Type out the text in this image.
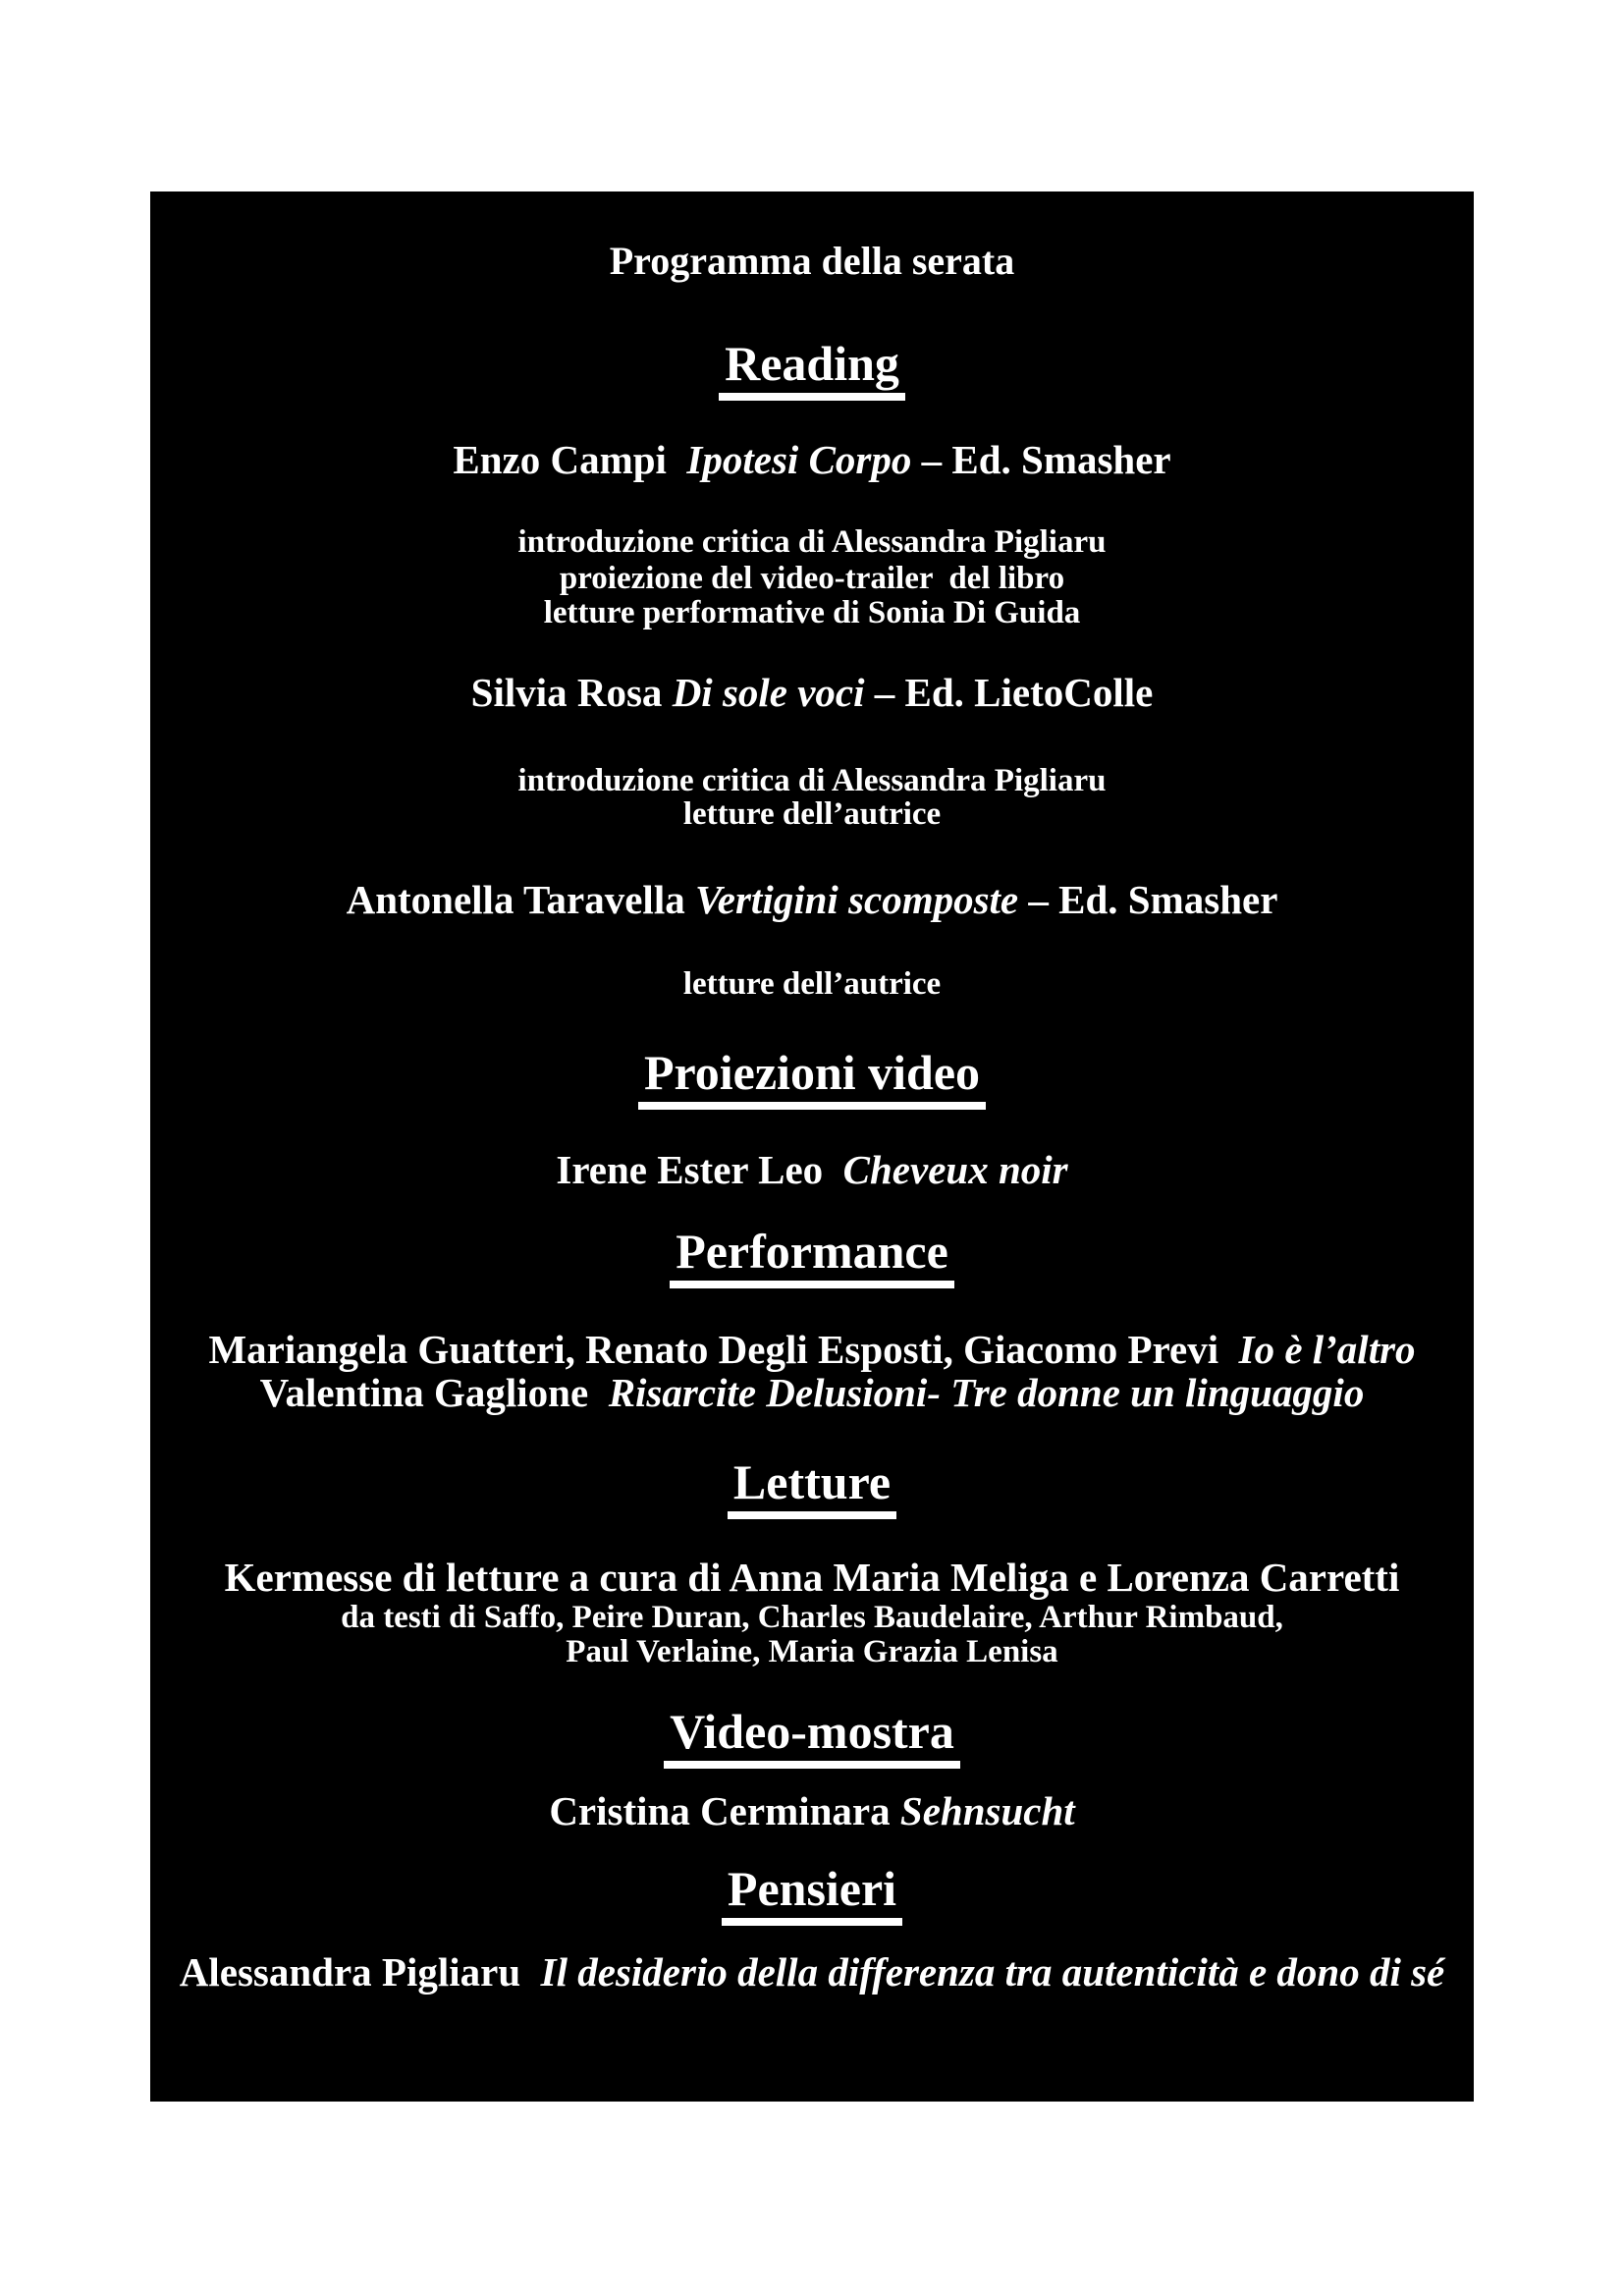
Programma della serata
Reading
Enzo Campi  Ipotesi Corpo – Ed. Smasher
introduzione critica di Alessandra Pigliaru
proiezione del video-trailer  del libro
letture performative di Sonia Di Guida
Silvia Rosa Di sole voci – Ed. LietoColle
introduzione critica di Alessandra Pigliaru
letture dell’autrice
Antonella Taravella Vertigini scomposte – Ed. Smasher
letture dell’autrice
Proiezioni video
Irene Ester Leo  Cheveux noir
Performance
Mariangela Guatteri, Renato Degli Esposti, Giacomo Previ  Io è l’altro
Valentina Gaglione  Risarcite Delusioni- Tre donne un linguaggio
Letture
Kermesse di letture a cura di Anna Maria Meliga e Lorenza Carretti
da testi di Saffo, Peire Duran, Charles Baudelaire, Arthur Rimbaud,
Paul Verlaine, Maria Grazia Lenisa
Video-mostra
Cristina Cerminara Sehnsucht
Pensieri
Alessandra Pigliaru  Il desiderio della differenza tra autenticità e dono di sé
